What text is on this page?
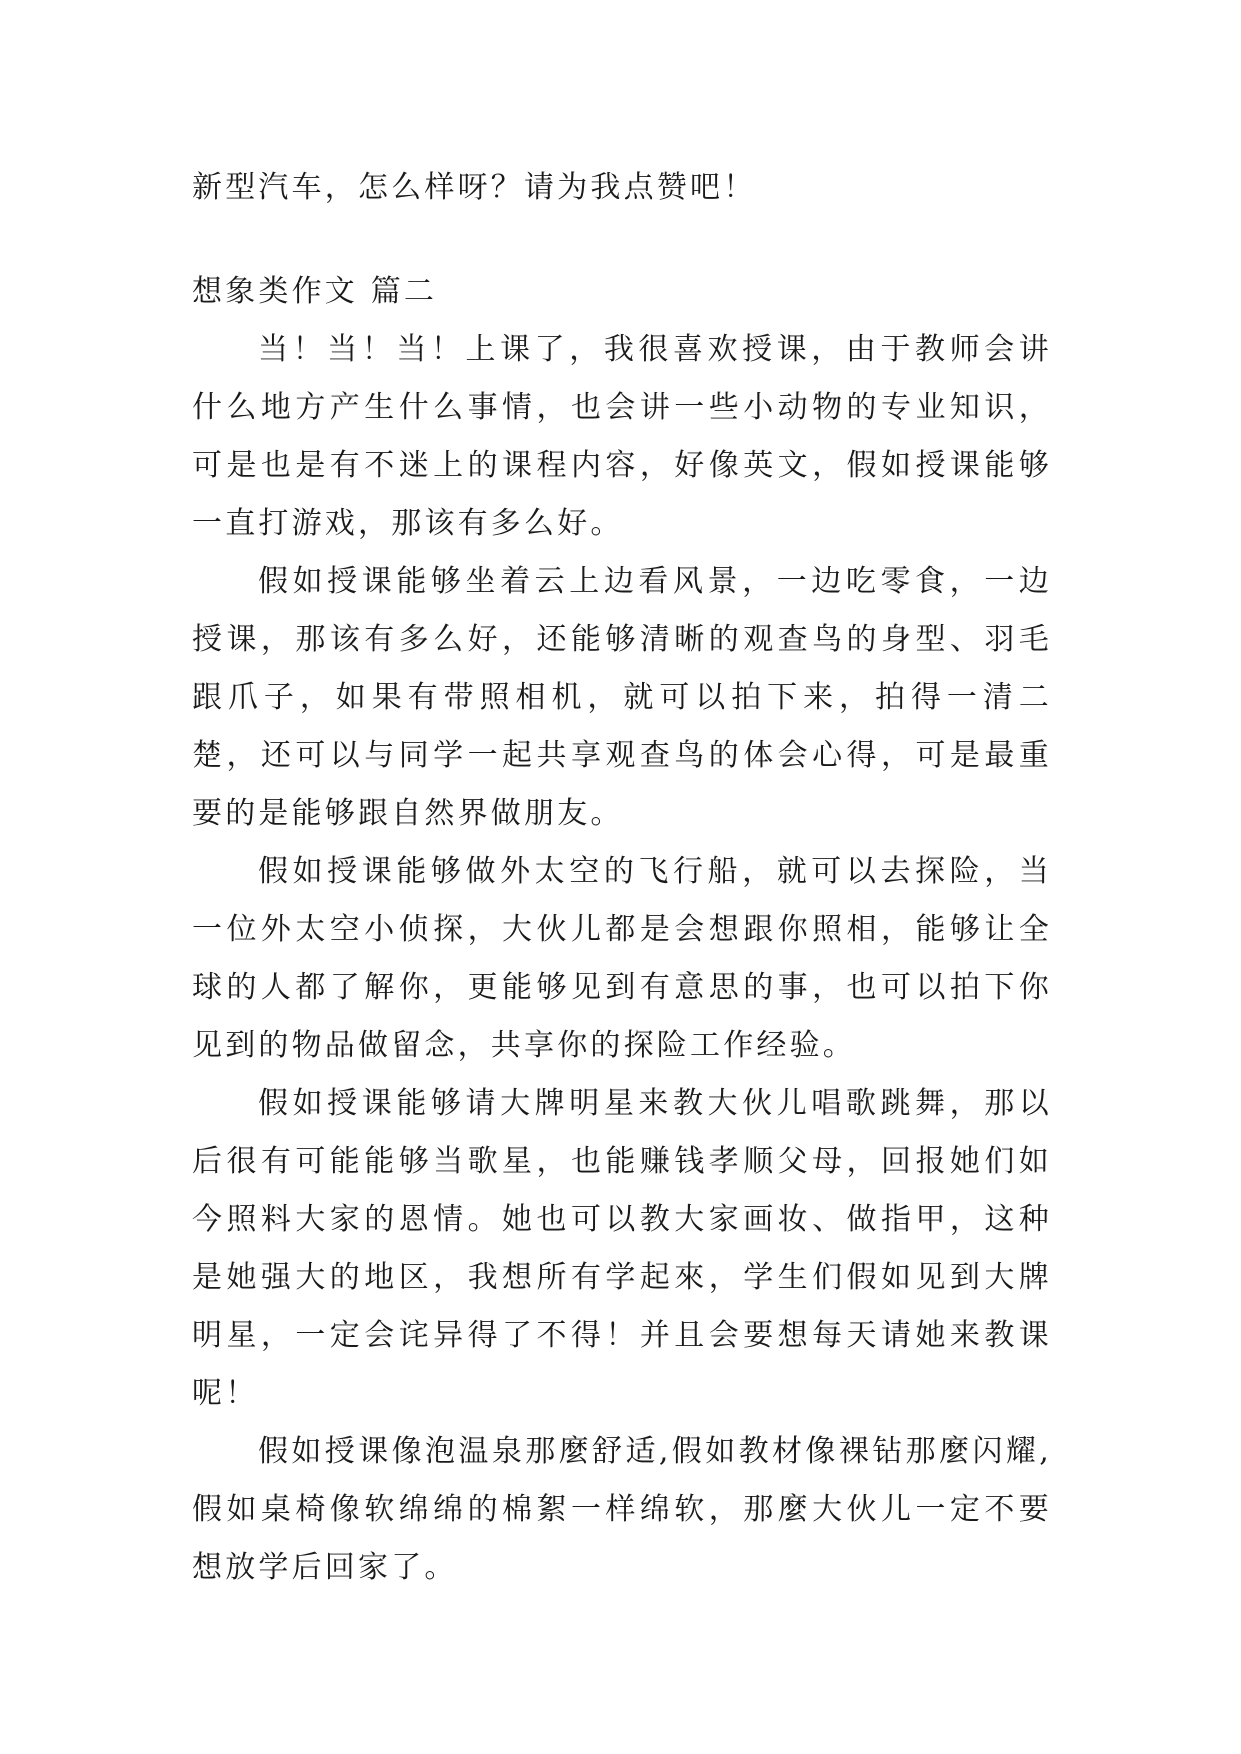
新型汽车，怎么样呀？请为我点赞吧！

想象类作文 篇二

当！当！当！上课了，我很喜欢授课，由于教师会讲什么地方产生什么事情，也会讲一些小动物的专业知识，可是也是有不迷上的课程内容，好像英文，假如授课能够一直打游戏，那该有多么好。

假如授课能够坐着云上边看风景，一边吃零食，一边授课，那该有多么好，还能够清晰的观查鸟的身型、羽毛跟爪子，如果有带照相机，就可以拍下来，拍得一清二楚，还可以与同学一起共享观查鸟的体会心得，可是最重要的是能够跟自然界做朋友。

假如授课能够做外太空的飞行船，就可以去探险，当一位外太空小侦探，大伙儿都是会想跟你照相，能够让全球的人都了解你，更能够见到有意思的事，也可以拍下你见到的物品做留念，共享你的探险工作经验。

假如授课能够请大牌明星来教大伙儿唱歌跳舞，那以后很有可能能够当歌星，也能赚钱孝顺父母，回报她们如今照料大家的恩情。她也可以教大家画妆、做指甲，这种是她强大的地区，我想所有学起來，学生们假如见到大牌明星，一定会诧异得了不得！并且会要想每天请她来教课呢！

假如授课像泡温泉那麼舒适,假如教材像裸钻那麼闪耀,假如桌椅像软绵绵的棉絮一样绵软，那麼大伙儿一定不要想放学后回家了。
